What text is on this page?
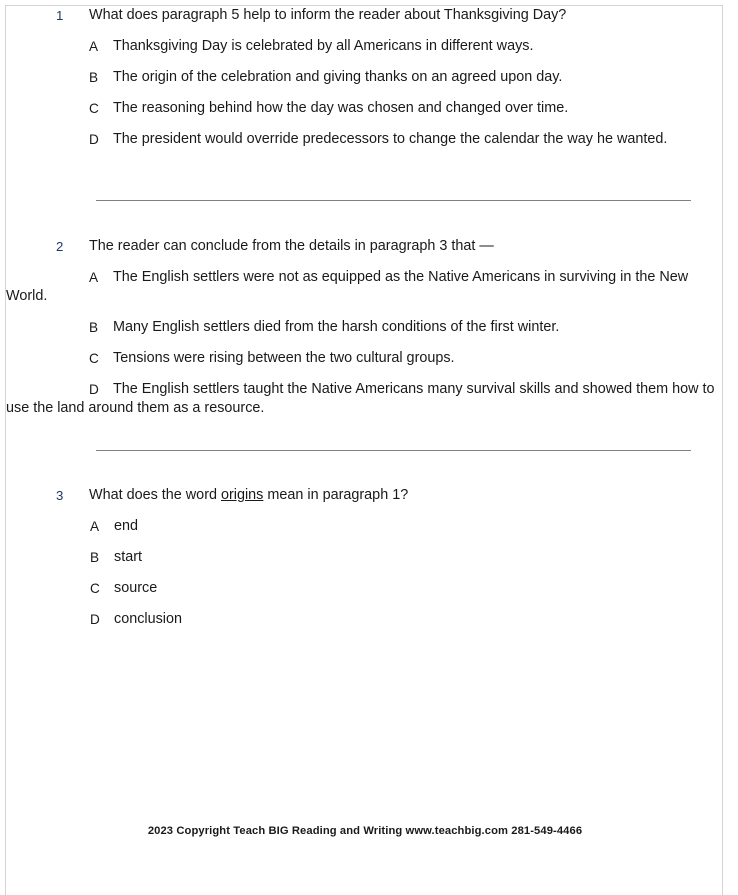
1	What does paragraph 5 help to inform the reader about Thanksgiving Day?
A	Thanksgiving Day is celebrated by all Americans in different ways.
B	The origin of the celebration and giving thanks on an agreed upon day.
C The reasoning behind how the day was chosen and changed over time.
D The president would override predecessors to change the calendar the way he wanted.
2	The reader can conclude from the details in paragraph 3 that —
A	The English settlers were not as equipped as the Native Americans in surviving in the New World.
B	Many English settlers died from the harsh conditions of the first winter.
C Tensions were rising between the two cultural groups.
D The English settlers taught the Native Americans many survival skills and showed them how to use the land around them as a resource.
3	What does the word origins mean in paragraph 1?
A	end
B	start
C source
D conclusion
2023 Copyright Teach BIG Reading and Writing www.teachbig.com 281-549-4466
